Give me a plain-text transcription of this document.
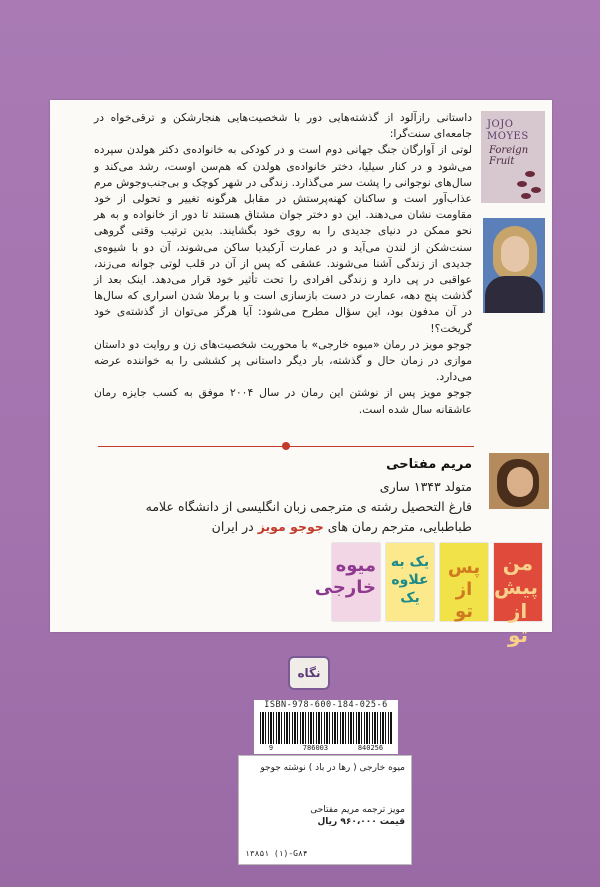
داستانی رازآلود از گذشته‌هایی دور با شخصیت‌هایی هنجارشکن و ترقی‌خواه در جامعه‌ای سنت‌گرا:

لوتی از آوارگان جنگ جهانی دوم است و در کودکی به خانواده‌ی دکتر هولدن سپرده می‌شود و در کنار سیلیا، دختر خانواده‌ی هولدن که هم‌سن اوست، رشد می‌کند و سال‌های نوجوانی را پشت سر می‌گذارد. زندگی در شهر کوچک و بی‌جنب‌وجوش مرم عذاب‌آور است و ساکنان کهنه‌پرستش در مقابل هرگونه تغییر و تحولی از خود مقاومت نشان می‌دهند. این دو دختر جوان مشتاق هستند تا دور از خانواده و به هر نحو ممکن در دنیای جدیدی را به روی خود بگشایند. بدین ترتیب وقتی گروهی سنت‌شکن از لندن می‌آید و در عمارت آرکیدیا ساکن می‌شوند، آن دو با شیوه‌ی جدیدی از زندگی آشنا می‌شوند. عشقی که پس از آن در قلب لوتی جوانه می‌زند، عواقبی در پی دارد و زندگی افرادی را تحت تأثیر خود قرار می‌دهد. اینک بعد از گذشت پنج دهه، عمارت در دست بازسازی است و با برملا شدن اسراری که سال‌ها در آن مدفون بود، این سؤال مطرح می‌شود: آیا هرگز می‌توان از گذشته‌ی خود گریخت؟!

جوجو مویز در رمان «میوه خارجی» با محوریت شخصیت‌های زن و روایت دو داستان موازی در زمان حال و گذشته، بار دیگر داستانی پر کششی را به خواننده عرضه می‌دارد.

جوجو مویز پس از نوشتن این رمان در سال ۲۰۰۴ موفق به کسب جایزه رمان عاشقانه سال شده است.

JOJO
MOYES
Foreign Fruit

مریم مفتاحی

متولد ۱۳۴۳ ساری

فارغ التحصیل رشته ی مترجمی زبان انگلیسی از دانشگاه علامه طباطبایی، مترجم رمان های جوجو مویز در ایران

میوه خارجی
یک به علاوه یک
پس از تو
من پیش از تو
نگاه

ISBN-978-600-184-025-6

9	786003	840256

میوه خارجی ( رها در باد ) نوشته جوجو

مویز ترجمه مریم مفتاحی

قیمت ۹۶۰،۰۰۰ ریال

۱۳۸۵۱ (۱)-G۸۴
